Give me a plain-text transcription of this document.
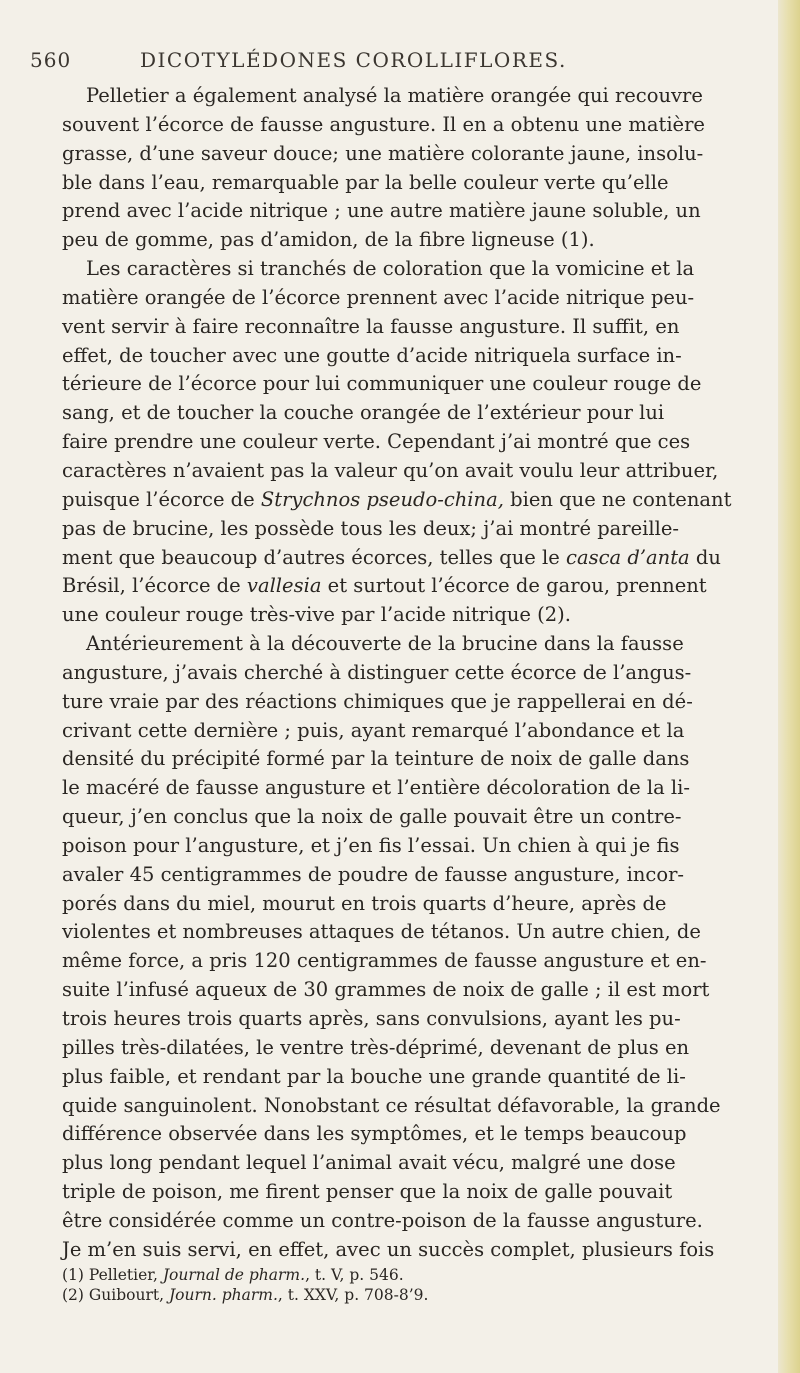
560	DICOTYLÉDONES COROLLIFLORES.
Pelletier a également analysé la matière orangée qui recouvre
souvent l’écorce de fausse angusture. Il en a obtenu une matière
grasse, d’une saveur douce; une matière colorante jaune, insolu-
ble dans l’eau, remarquable par la belle couleur verte qu’elle
prend avec l’acide nitrique ; une autre matière jaune soluble, un
peu de gomme, pas d’amidon, de la fibre ligneuse (1).
Les caractères si tranchés de coloration que la vomicine et la
matière orangée de l’écorce prennent avec l’acide nitrique peu-
vent servir à faire reconnaître la fausse angusture. Il suffit, en
effet, de toucher avec une goutte d’acide nitriquela surface in-
térieure de l’écorce pour lui communiquer une couleur rouge de
sang, et de toucher la couche orangée de l’extérieur pour lui
faire prendre une couleur verte. Cependant j’ai montré que ces
caractères n’avaient pas la valeur qu’on avait voulu leur attribuer,
puisque l’écorce de Strychnos pseudo-china, bien que ne contenant
pas de brucine, les possède tous les deux; j’ai montré pareille-
ment que beaucoup d’autres écorces, telles que le casca d’anta du
Brésil, l’écorce de vallesia et surtout l’écorce de garou, prennent
une couleur rouge très-vive par l’acide nitrique (2).
Antérieurement à la découverte de la brucine dans la fausse
angusture, j’avais cherché à distinguer cette écorce de l’angus-
ture vraie par des réactions chimiques que je rappellerai en dé-
crivant cette dernière ; puis, ayant remarqué l’abondance et la
densité du précipité formé par la teinture de noix de galle dans
le macéré de fausse angusture et l’entière décoloration de la li-
queur, j’en conclus que la noix de galle pouvait être un contre-
poison pour l’angusture, et j’en fis l’essai. Un chien à qui je fis
avaler 45 centigrammes de poudre de fausse angusture, incor-
porés dans du miel, mourut en trois quarts d’heure, après de
violentes et nombreuses attaques de tétanos. Un autre chien, de
même force, a pris 120 centigrammes de fausse angusture et en-
suite l’infusé aqueux de 30 grammes de noix de galle ; il est mort
trois heures trois quarts après, sans convulsions, ayant les pu-
pilles très-dilatées, le ventre très-déprimé, devenant de plus en
plus faible, et rendant par la bouche une grande quantité de li-
quide sanguinolent. Nonobstant ce résultat défavorable, la grande
différence observée dans les symptômes, et le temps beaucoup
plus long pendant lequel l’animal avait vécu, malgré une dose
triple de poison, me firent penser que la noix de galle pouvait
être considérée comme un contre-poison de la fausse angusture.
Je m’en suis servi, en effet, avec un succès complet, plusieurs fois
(1) Pelletier, Journal de pharm., t. V, p. 546.
(2) Guibourt, Journ. pharm., t. XXV, p. 708-8’9.
